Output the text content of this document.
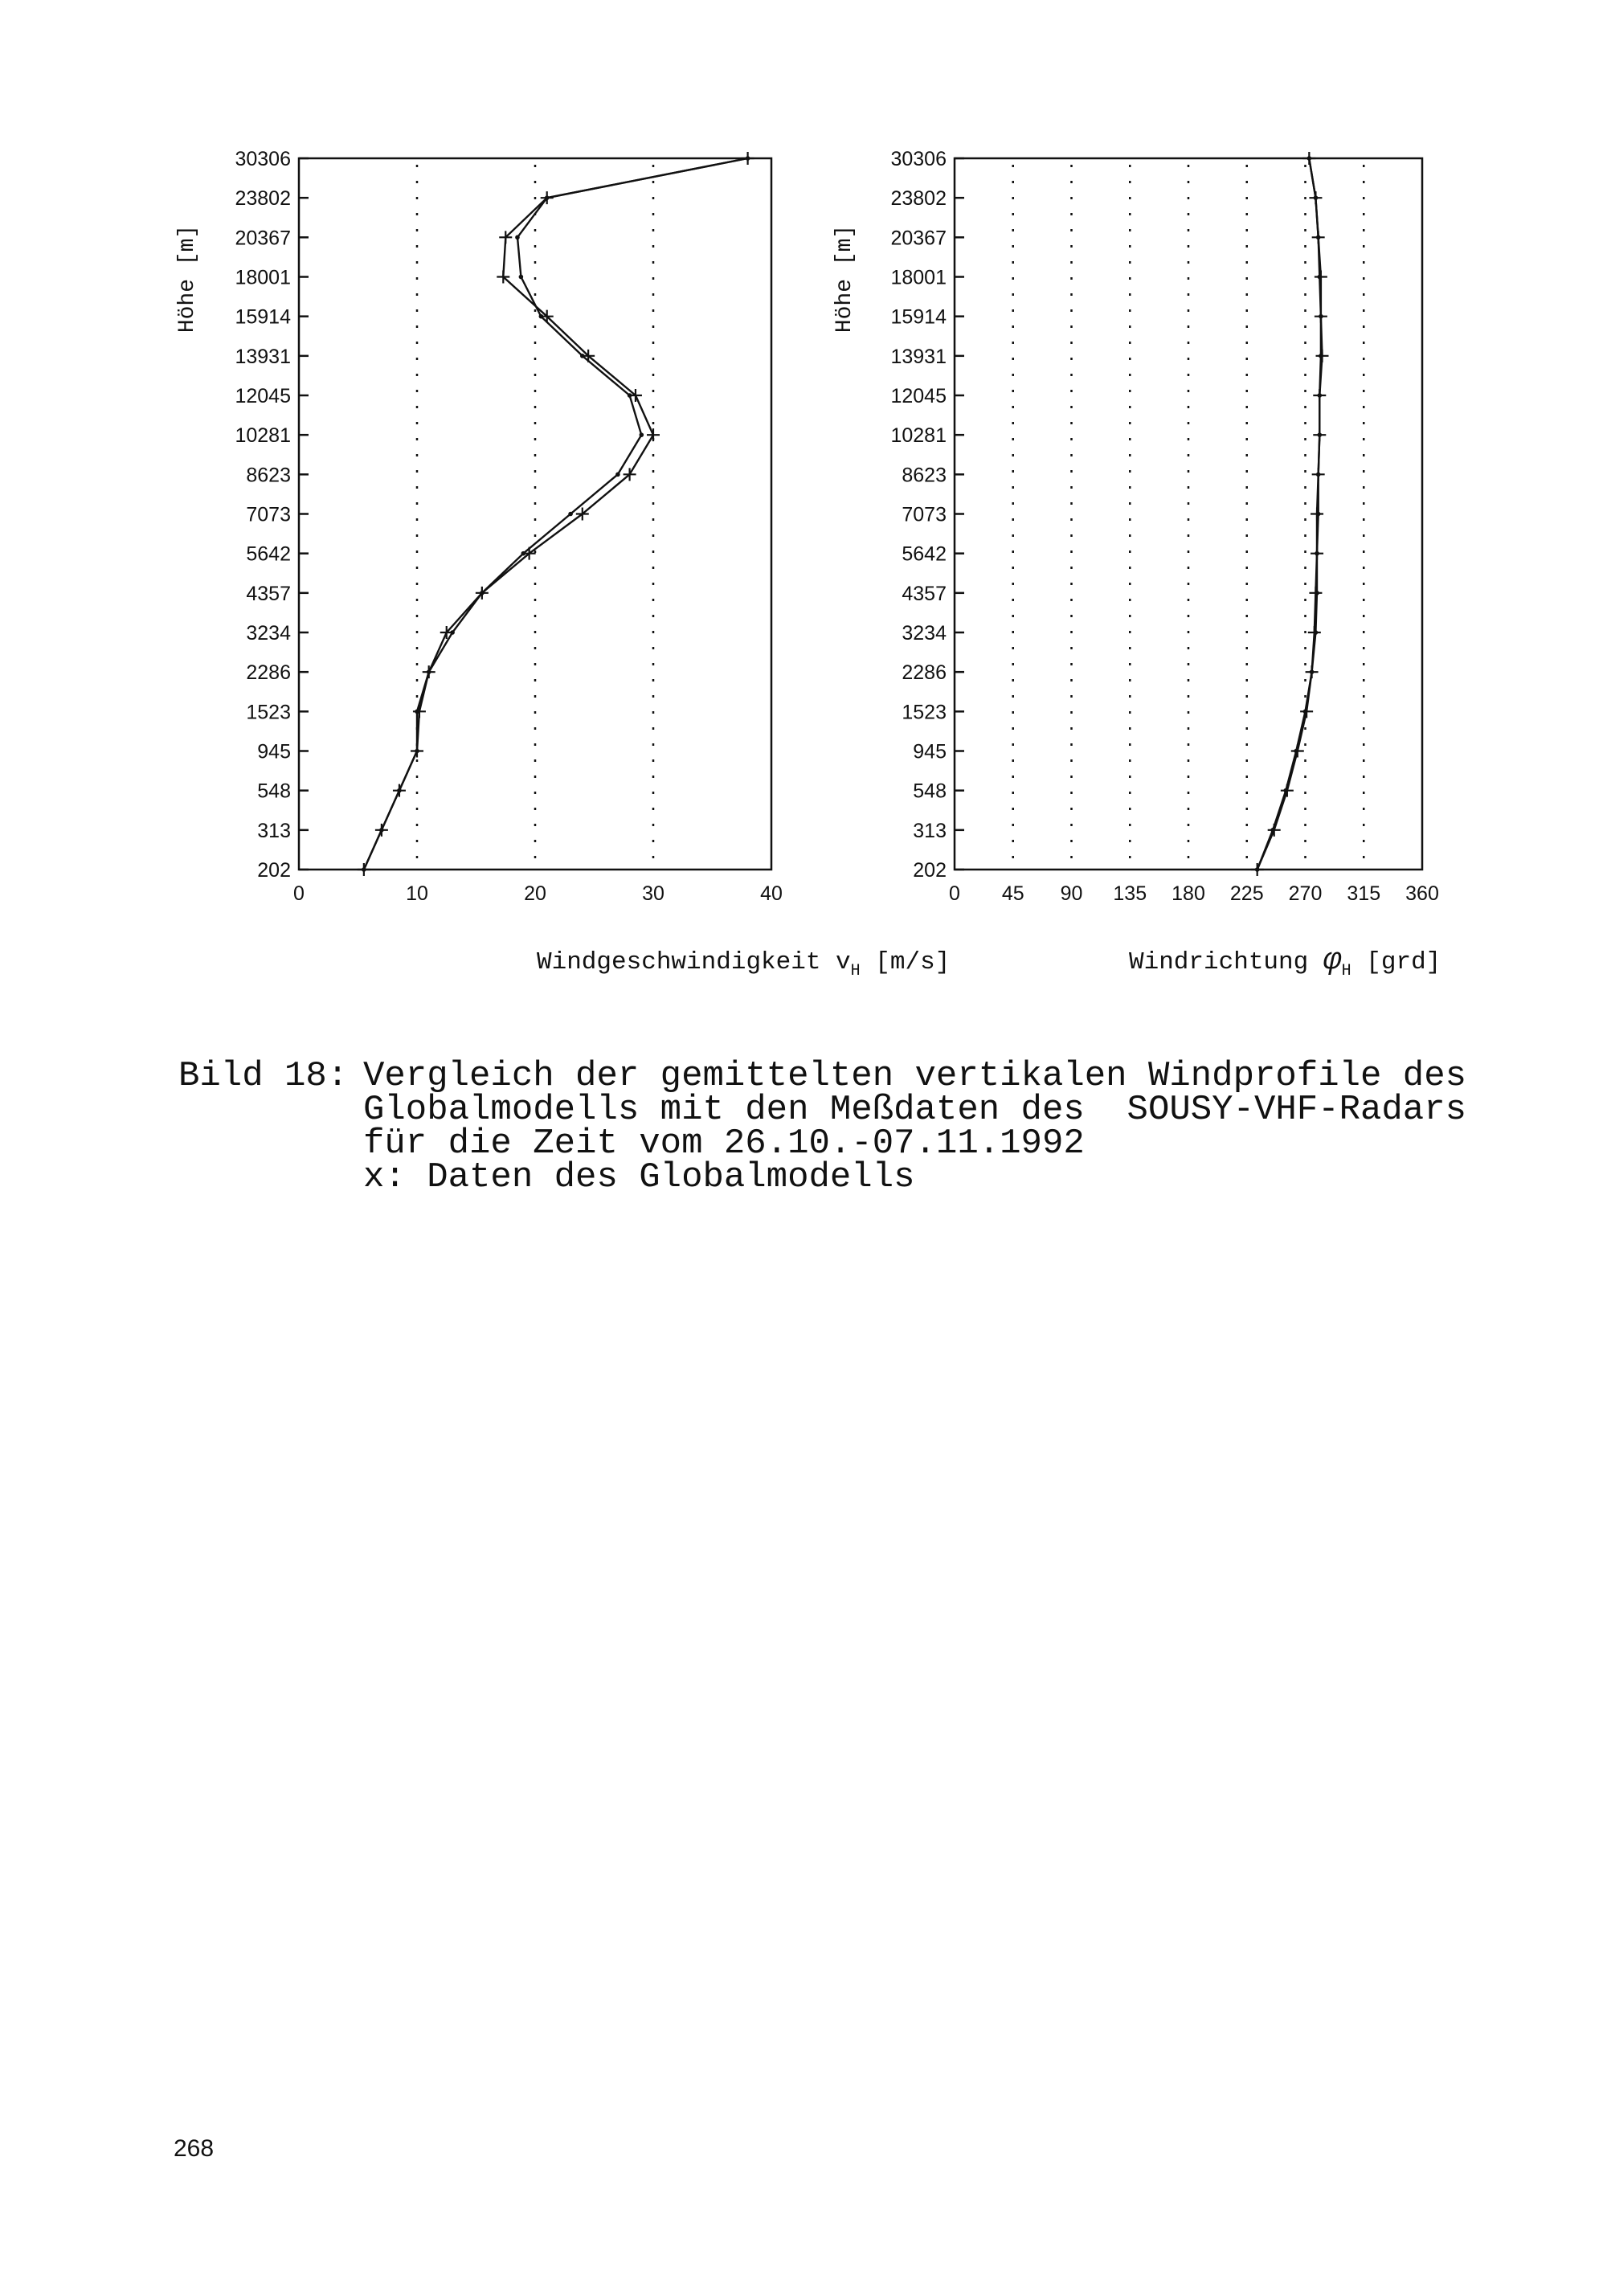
30306
23802
20367
18001
15914
13931
12045
10281
8623
7073
5642
4357
3234
2286
1523
945
548
313
202
0	10	20	30	40
Höhe [m]
Windgeschwindigkeit $v_H$ [m/s]
30306
23802
20367
18001
15914
13931
12045
10281
8623
7073
5642
4357
3234
2286
1523
945
548
313
202
0 45 90 135 180 225 270 315 360
Höhe [m]
Windrichtung $\varphi_H$ [grd]

Bild 18:

Vergleich der gemittelten vertikalen Windprofile des

Globalmodells mit den Meßdaten des  SOUSY-VHF-Radars

für die Zeit vom 26.10.-07.11.1992

x: Daten des Globalmodells

268
